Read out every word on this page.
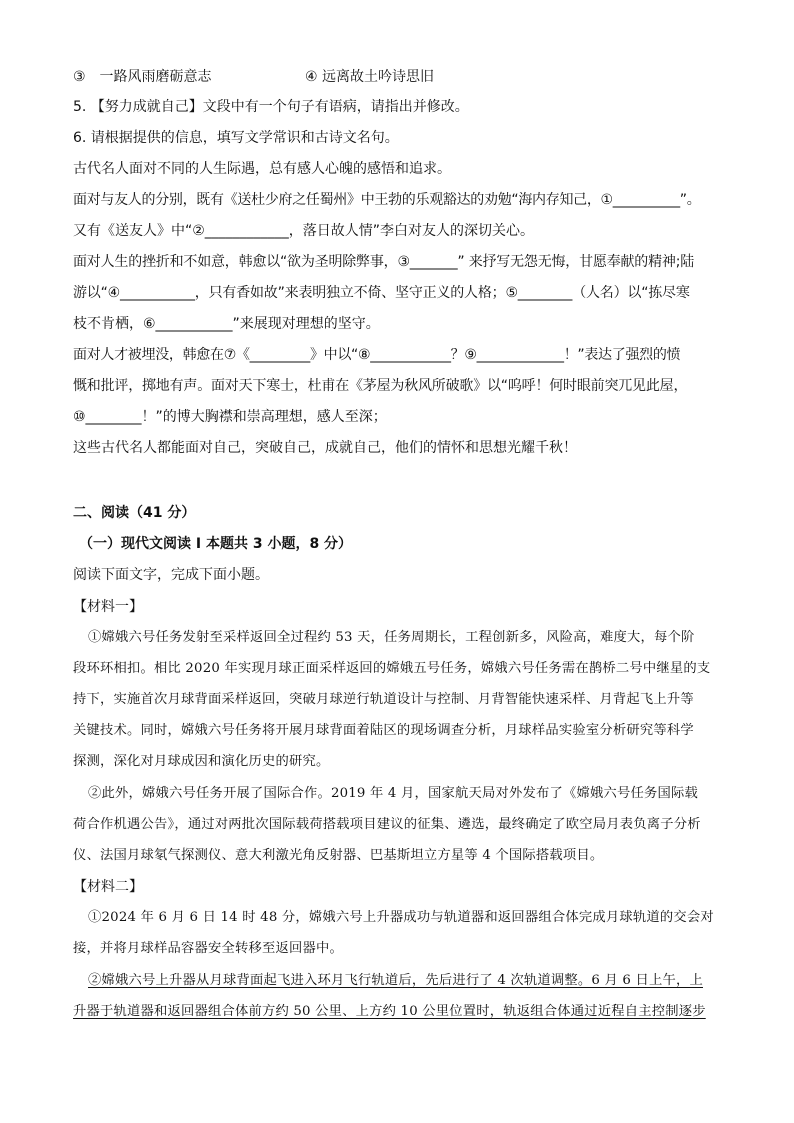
③　一路风雨磨砺意志	④ 远离故土吟诗思旧
5. 【努力成就自己】文段中有一个句子有语病，请指出并修改。
6. 请根据提供的信息，填写文学常识和古诗文名句。
古代名人面对不同的人生际遇，总有感人心魄的感悟和追求。
面对与友人的分别，既有《送杜少府之任蜀州》中王勃的乐观豁达的劝勉“海内存知己，①__________”。
又有《送友人》中“②____________，落日故人情”李白对友人的深切关心。
面对人生的挫折和不如意，韩愈以“欲为圣明除弊事，③_______” 来抒写无怨无悔，甘愿奉献的精神;陆
游以“④___________，只有香如故”来表明独立不倚、坚守正义的人格；⑤________（人名）以“拣尽寒
枝不肯栖，⑥___________”来展现对理想的坚守。
面对人才被埋没，韩愈在⑦《_________》中以“⑧____________？⑨_____________！”表达了强烈的愤
慨和批评，掷地有声。面对天下寒士，杜甫在《茅屋为秋风所破歌》以“呜呼！何时眼前突兀见此屋，
⑩________！”的博大胸襟和崇高理想，感人至深；
这些古代名人都能面对自己，突破自己，成就自己，他们的情怀和思想光耀千秋！
二、阅读（41 分）
（一）现代文阅读 I 本题共 3 小题，8 分）
阅读下面文字，完成下面小题。
【材料一】
①嫦娥六号任务发射至采样返回全过程约 53 天，任务周期长，工程创新多，风险高，难度大，每个阶
段环环相扣。相比 2020 年实现月球正面采样返回的嫦娥五号任务，嫦娥六号任务需在鹊桥二号中继星的支
持下，实施首次月球背面采样返回，突破月球逆行轨道设计与控制、月背智能快速采样、月背起飞上升等
关键技术。同时，嫦娥六号任务将开展月球背面着陆区的现场调查分析，月球样品实验室分析研究等科学
探测，深化对月球成因和演化历史的研究。
②此外，嫦娥六号任务开展了国际合作。2019 年 4 月，国家航天局对外发布了《嫦娥六号任务国际载
荷合作机遇公告》，通过对两批次国际载荷搭载项目建议的征集、遴选，最终确定了欧空局月表负离子分析
仪、法国月球氡气探测仪、意大利激光角反射器、巴基斯坦立方星等 4 个国际搭载项目。
【材料二】
①2024 年 6 月 6 日 14 时 48 分，嫦娥六号上升器成功与轨道器和返回器组合体完成月球轨道的交会对
接，并将月球样品容器安全转移至返回器中。
②嫦娥六号上升器从月球背面起飞进入环月飞行轨道后，先后进行了 4 次轨道调整。6 月 6 日上午，上
升器于轨道器和返回器组合体前方约 50 公里、上方约 10 公里位置时，轨返组合体通过近程自主控制逐步
